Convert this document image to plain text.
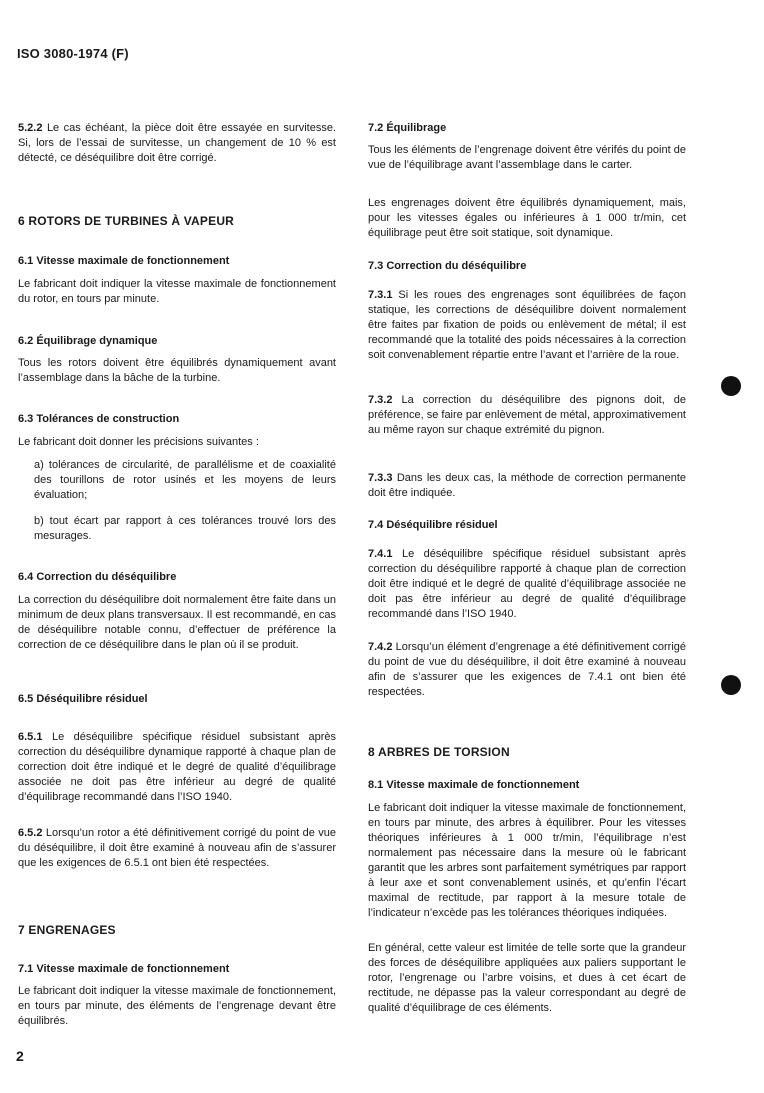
ISO 3080-1974 (F)

5.2.2 Le cas échéant, la pièce doit être essayée en survitesse. Si, lors de l’essai de survitesse, un changement de 10 % est détecté, ce déséquilibre doit être corrigé.

6 ROTORS DE TURBINES À VAPEUR
6.1 Vitesse maximale de fonctionnement

Le fabricant doit indiquer la vitesse maximale de fonctionnement du rotor, en tours par minute.

6.2 Équilibrage dynamique

Tous les rotors doivent être équilibrés dynamiquement avant l’assemblage dans la bâche de la turbine.

6.3 Tolérances de construction

Le fabricant doit donner les précisions suivantes :

a) tolérances de circularité, de parallélisme et de coaxialité des tourillons de rotor usinés et les moyens de leurs évaluation;

b) tout écart par rapport à ces tolérances trouvé lors des mesurages.

6.4 Correction du déséquilibre

La correction du déséquilibre doit normalement être faite dans un minimum de deux plans transversaux. Il est recommandé, en cas de déséquilibre notable connu, d’effectuer de préférence la correction de ce déséquilibre dans le plan où il se produit.

6.5 Déséquilibre résiduel

6.5.1 Le déséquilibre spécifique résiduel subsistant après correction du déséquilibre dynamique rapporté à chaque plan de correction doit être indiqué et le degré de qualité d’équilibrage associée ne doit pas être inférieur au degré de qualité d’équilibrage recommandé dans l’ISO 1940.

6.5.2 Lorsqu’un rotor a été définitivement corrigé du point de vue du déséquilibre, il doit être examiné à nouveau afin de s’assurer que les exigences de 6.5.1 ont bien été respectées.

7 ENGRENAGES
7.1 Vitesse maximale de fonctionnement

Le fabricant doit indiquer la vitesse maximale de fonctionnement, en tours par minute, des éléments de l’engrenage devant être équilibrés.

7.2 Équilibrage

Tous les éléments de l’engrenage doivent être vérifés du point de vue de l’équilibrage avant l’assemblage dans le carter.

Les engrenages doivent être équilibrés dynamiquement, mais, pour les vitesses égales ou inférieures à 1 000 tr/min, cet équilibrage peut être soit statique, soit dynamique.

7.3 Correction du déséquilibre

7.3.1 Si les roues des engrenages sont équilibrées de façon statique, les corrections de déséquilibre doivent normalement être faites par fixation de poids ou enlèvement de métal; il est recommandé que la totalité des poids nécessaires à la correction soit convenablement répartie entre l’avant et l’arrière de la roue.

7.3.2 La correction du déséquilibre des pignons doit, de préférence, se faire par enlèvement de métal, approximativement au même rayon sur chaque extrémité du pignon.

7.3.3 Dans les deux cas, la méthode de correction permanente doit être indiquée.

7.4 Déséquilibre résiduel

7.4.1 Le déséquilibre spécifique résiduel subsistant après correction du déséquilibre rapporté à chaque plan de correction doit être indiqué et le degré de qualité d’équilibrage associée ne doit pas être inférieur au degré de qualité d’équilibrage recommandé dans l’ISO 1940.

7.4.2 Lorsqu’un élément d’engrenage a été définitivement corrigé du point de vue du déséquilibre, il doit être examiné à nouveau afin de s’assurer que les exigences de 7.4.1 ont bien été respectées.

8 ARBRES DE TORSION
8.1 Vitesse maximale de fonctionnement

Le fabricant doit indiquer la vitesse maximale de fonctionnement, en tours par minute, des arbres à équilibrer. Pour les vitesses théoriques inférieures à 1 000 tr/min, l’équilibrage n’est normalement pas nécessaire dans la mesure où le fabricant garantit que les arbres sont parfaitement symétriques par rapport à leur axe et sont convenablement usinés, et qu’enfin l’écart maximal de rectitude, par rapport à la mesure totale de l’indicateur n’excède pas les tolérances théoriques indiquées.

En général, cette valeur est limitée de telle sorte que la grandeur des forces de déséquilibre appliquées aux paliers supportant le rotor, l’engrenage ou l’arbre voisins, et dues à cet écart de rectitude, ne dépasse pas la valeur correspondant au degré de qualité d’équilibrage de ces éléments.

2
